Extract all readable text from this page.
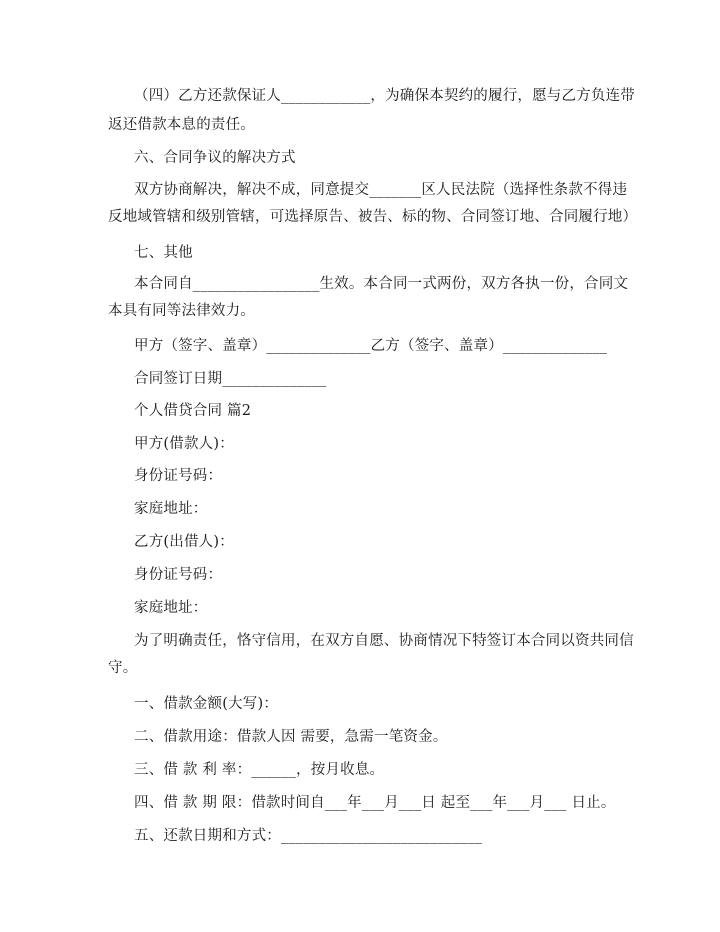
（四）乙方还款保证人____________，为确保本契约的履行，愿与乙方负连带
返还借款本息的责任。
六、合同争议的解决方式
双方协商解决，解决不成，同意提交_______区人民法院（选择性条款不得违
反地域管辖和级别管辖，可选择原告、被告、标的物、合同签订地、合同履行地）
七、其他
本合同自_________________生效。本合同一式两份，双方各执一份，合同文
本具有同等法律效力。
甲方（签字、盖章）______________乙方（签字、盖章）______________
合同签订日期______________
个人借贷合同 篇2
甲方(借款人)：
身份证号码：
家庭地址：
乙方(出借人)：
身份证号码：
家庭地址：
为了明确责任，恪守信用，在双方自愿、协商情况下特签订本合同以资共同信
守。
一、借款金额(大写)：
二、借款用途：借款人因 需要，急需一笔资金。
三、借 款 利 率：______，按月收息。
四、借 款 期 限：借款时间自___年___月___日 起至___年___月___ 日止。
五、还款日期和方式：___________________________
